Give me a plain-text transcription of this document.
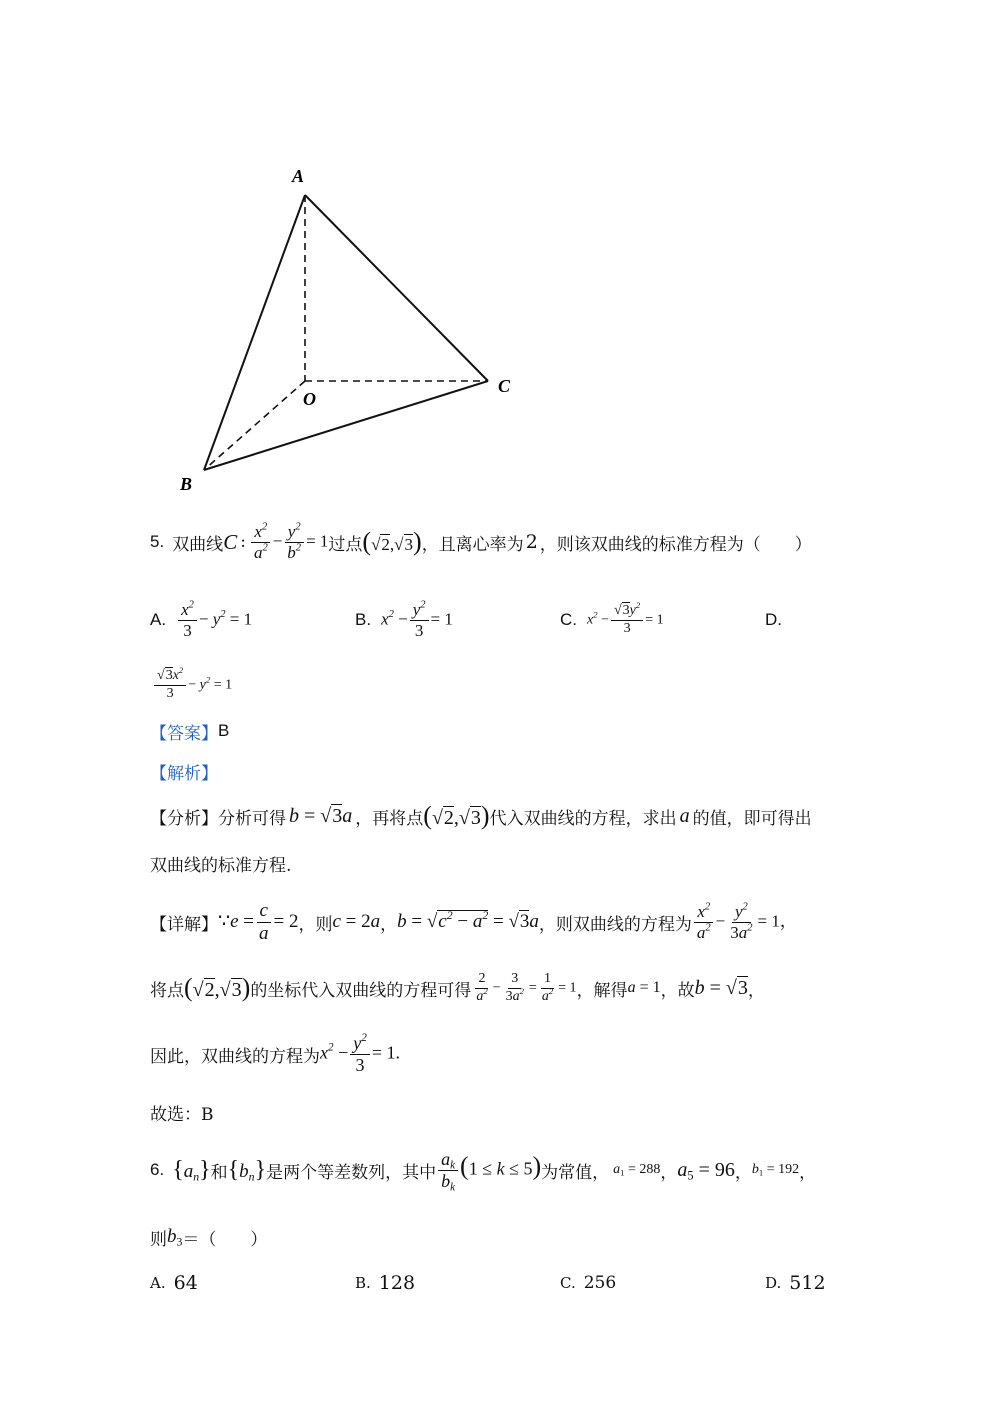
A
O
C
B
5. 双曲线 C : $\frac{x^2}{a^2} - \frac{y^2}{b^2} = 1$ 过点 (√2,√3) ，且离心率为 2 ，则该双曲线的标准方程为（　　）
A. $\frac{x^2}{3} - y^2 = 1$	B. $x^2 - \frac{y^2}{3} = 1$	C. $x^2 - \frac{√3y^2}{3} = 1$	D.
$\frac{√3x^2}{3} - y^2 = 1$
【答案】 B
【解析】
【分析】 分析可得 b = √3a ，再将点 (√2,√3) 代入双曲线的方程，求出 a 的值，即可得出
双曲线的标准方程.
【详解】 ∵e = $\frac{c}{a} = 2$ ，则 c = 2a ， $b = √c^2 - a^2 = √3a$ ，则双曲线的方程为 $\frac{x^2}{a^2} - \frac{y^2}{3a^2} = 1$，
将点 (√2,√3) 的坐标代入双曲线的方程可得 $\frac{2}{a^2} - \frac{3}{3a^2} = \frac{1}{a^2} = 1$ ，解得 a = 1 ，故 b = √3 ，
因此，双曲线的方程为 $x^2 - \frac{y^2}{3} = 1$.
故选：B
6. $\{a_n\}$ 和 $\{b_n\}$ 是两个等差数列，其中 $\frac{a_k}{b_k} (1 \le k \le 5)$ 为常值， $a_1 = 288$ ， $a_5 = 96$ ， $b_1 = 192$ ，
则 $b_3$ ＝（　　）
A. 64	B. 128	C. 256	D. 512
